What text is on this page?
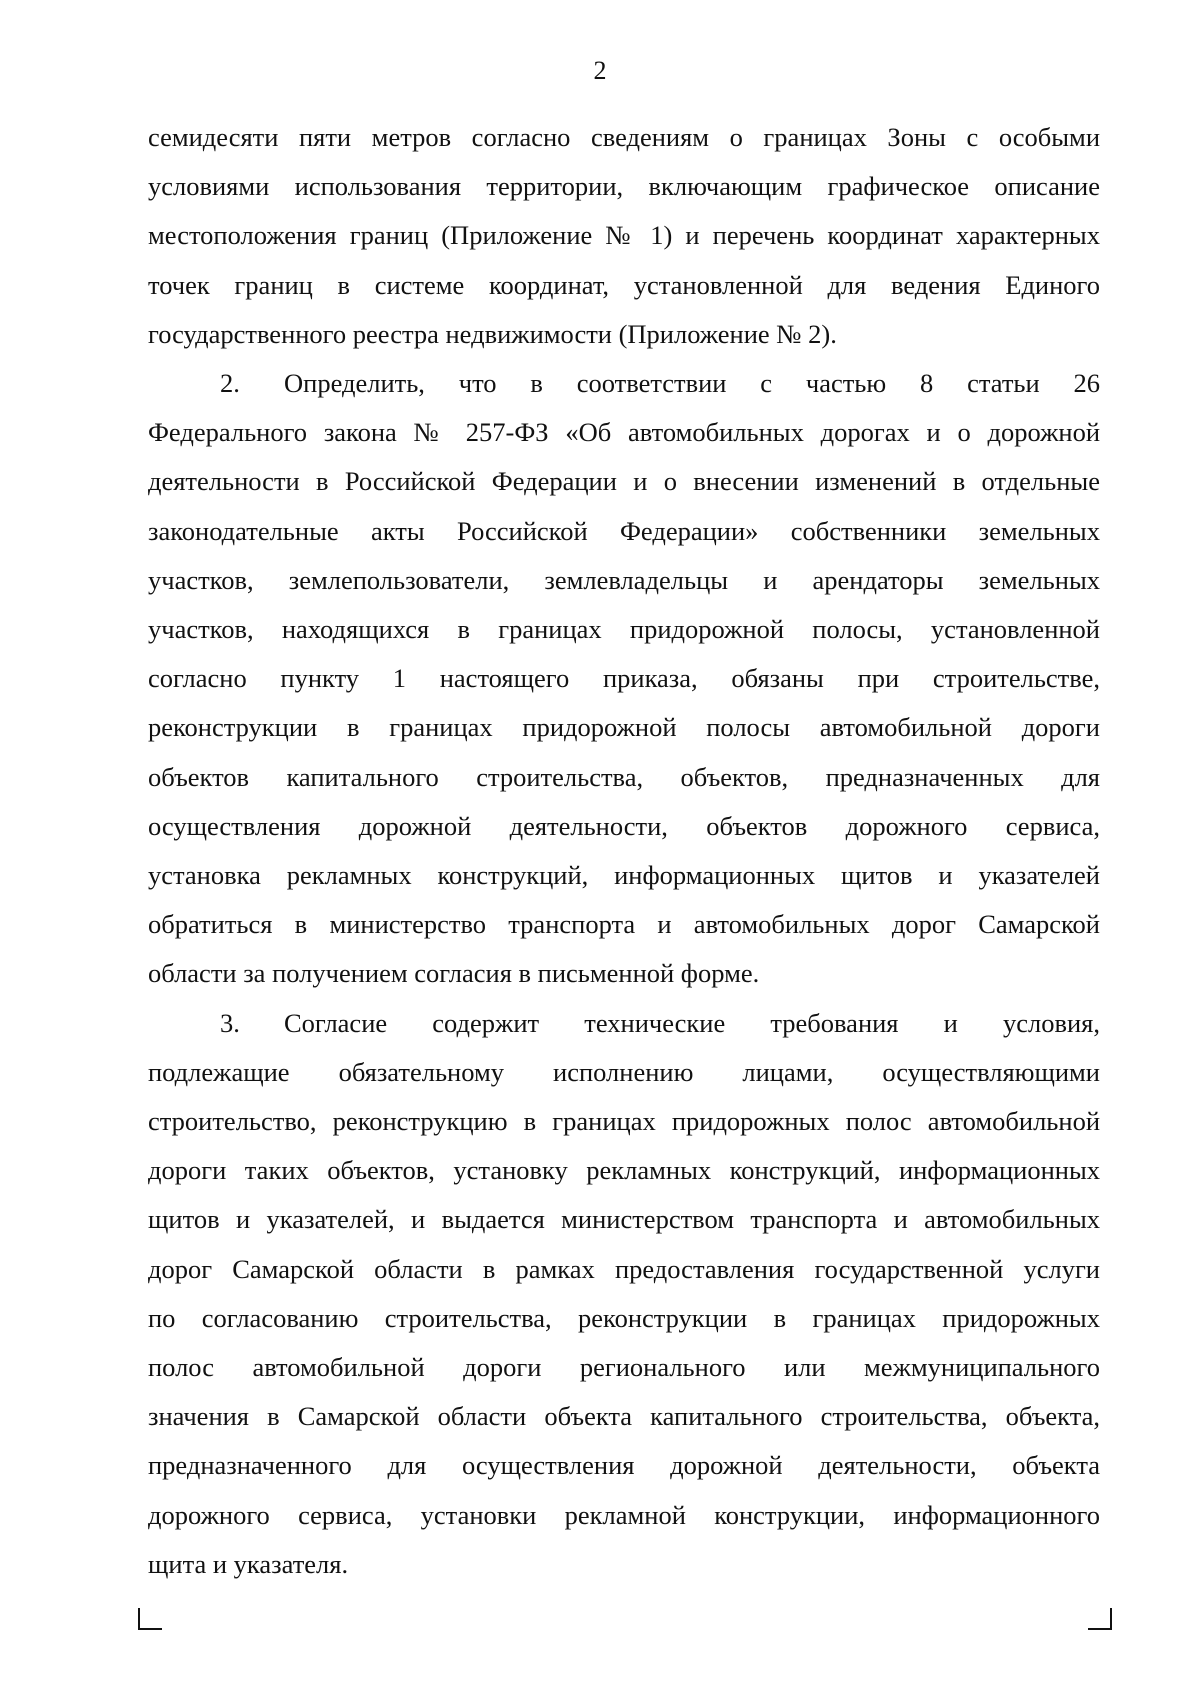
2
семидесяти пяти метров согласно сведениям о границах Зоны с особыми
условиями использования территории, включающим графическое описание
местоположения границ (Приложение № 1) и перечень координат характерных
точек границ в системе координат, установленной для ведения Единого
государственного реестра недвижимости (Приложение № 2).
2. Определить, что в соответствии с частью 8 статьи 26
Федерального закона № 257-ФЗ «Об автомобильных дорогах и о дорожной
деятельности в Российской Федерации и о внесении изменений в отдельные
законодательные акты Российской Федерации» собственники земельных
участков, землепользователи, землевладельцы и арендаторы земельных
участков, находящихся в границах придорожной полосы, установленной
согласно пункту 1 настоящего приказа, обязаны при строительстве,
реконструкции в границах придорожной полосы автомобильной дороги
объектов капитального строительства, объектов, предназначенных для
осуществления дорожной деятельности, объектов дорожного сервиса,
установка рекламных конструкций, информационных щитов и указателей
обратиться в министерство транспорта и автомобильных дорог Самарской
области за получением согласия в письменной форме.
3. Согласие содержит технические требования и условия,
подлежащие обязательному исполнению лицами, осуществляющими
строительство, реконструкцию в границах придорожных полос автомобильной
дороги таких объектов, установку рекламных конструкций, информационных
щитов и указателей, и выдается министерством транспорта и автомобильных
дорог Самарской области в рамках предоставления государственной услуги
по согласованию строительства, реконструкции в границах придорожных
полос автомобильной дороги регионального или межмуниципального
значения в Самарской области объекта капитального строительства, объекта,
предназначенного для осуществления дорожной деятельности, объекта
дорожного сервиса, установки рекламной конструкции, информационного
щита и указателя.
